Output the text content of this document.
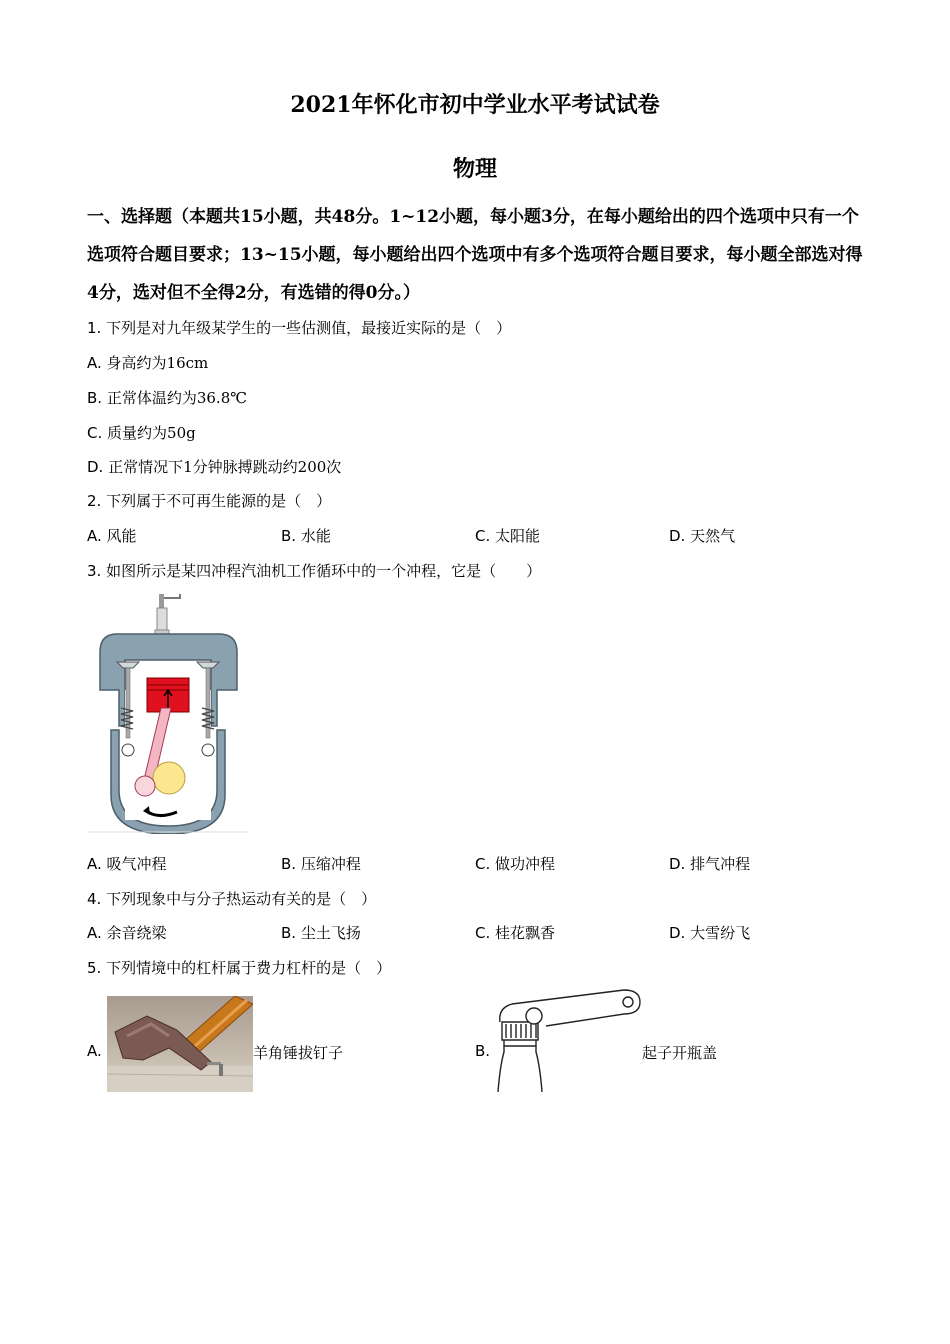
2021年怀化市初中学业水平考试试卷
物理
一、选择题（本题共15小题，共48分。1~12小题，每小题3分，在每小题给出的四个选项中只有一个选项符合题目要求；13~15小题，每小题给出四个选项中有多个选项符合题目要求，每小题全部选对得4分，选对但不全得2分，有选错的得0分。）
1. 下列是对九年级某学生的一些估测值，最接近实际的是（　）
A. 身高约为16cm
B. 正常体温约为36.8℃
C. 质量约为50g
D. 正常情况下1分钟脉搏跳动约200次
2. 下列属于不可再生能源的是（　）
A. 风能	B. 水能	C. 太阳能	D. 天然气
3. 如图所示是某四冲程汽油机工作循环中的一个冲程，它是（　　）
A. 吸气冲程	B. 压缩冲程	C. 做功冲程	D. 排气冲程
4. 下列现象中与分子热运动有关的是（　）
A. 余音绕梁	B. 尘土飞扬	C. 桂花飘香	D. 大雪纷飞
5. 下列情境中的杠杆属于费力杠杆的是（　）
A.	羊角锤拔钉子	B.	起子开瓶盖
